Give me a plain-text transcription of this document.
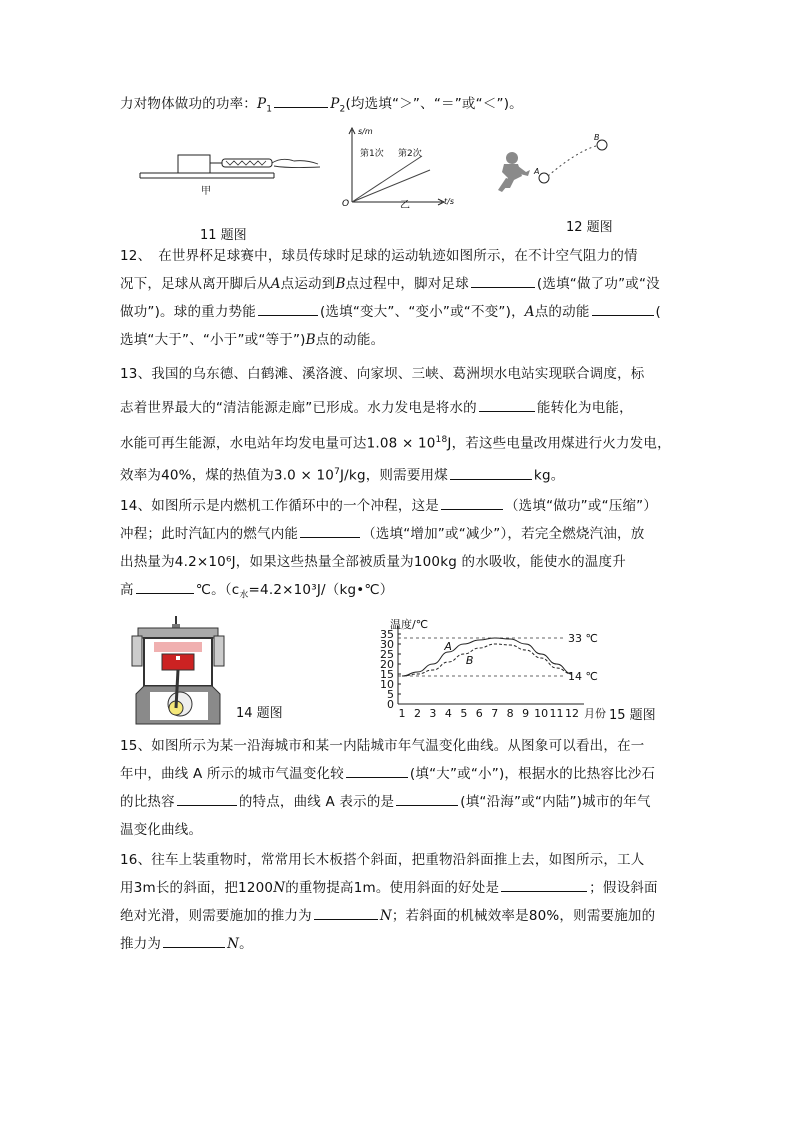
力对物体做功的功率：$P_1$	$P_2$(均选填“＞”、“＝”或“＜”)。
甲
s/m
第1次 第2次
O	乙	t/s
A
B
11 题图
12 题图
12、　在世界杯足球赛中，球员传球时足球的运动轨迹如图所示，在不计空气阻力的情
况下，足球从离开脚后从A点运动到B点过程中，脚对足球	(选填“做了功”或“没
做功”)。球的重力势能	(选填“变大”、“变小”或“不变”)，A点的动能	(
选填“大于”、“小于”或“等于”)B点的动能。
13、我国的乌东德、白鹤滩、溪洛渡、向家坝、三峡、葛洲坝水电站实现联合调度，标
志着世界最大的“清洁能源走廊”已形成。水力发电是将水的	能转化为电能，
水能可再生能源，水电站年均发电量可达$1.08 \times 10^{18}J$，若这些电量改用煤进行火力发电，
效率为40%，煤的热值为$3.0 \times 10^7J/kg$，则需要用煤	kg。
14、如图所示是内燃机工作循环中的一个冲程，这是	（选填“做功”或“压缩”）
冲程；此时汽缸内的燃气内能	（选填“增加”或“减少”），若完全燃烧汽油，放
出热量为4.2×10⁶J，如果这些热量全部被质量为100kg 的水吸收，能使水的温度升
高	℃。（$c_水=4.2\times 10^3J/(kg•℃)$
14 题图
温度/℃
0
5
10
15
20
25
30
35
1 2 3 4 5 6 7 8 9 10 11 12
33 ℃
14 ℃
A
B
月份 15 题图
15、如图所示为某一沿海城市和某一内陆城市年气温变化曲线。从图象可以看出，在一
年中，曲线 A 所示的城市气温变化较	(填“大”或“小”)，根据水的比热容比沙石
的比热容	的特点，曲线 A 表示的是	(填“沿海”或“内陆”)城市的年气
温变化曲线。
16、往车上装重物时，常常用长木板搭个斜面，把重物沿斜面推上去，如图所示，工人
用3m长的斜面，把1200N的重物提高1m。使用斜面的好处是	；假设斜面
绝对光滑，则需要施加的推力为	N；若斜面的机械效率是80%，则需要施加的
推力为	N。
